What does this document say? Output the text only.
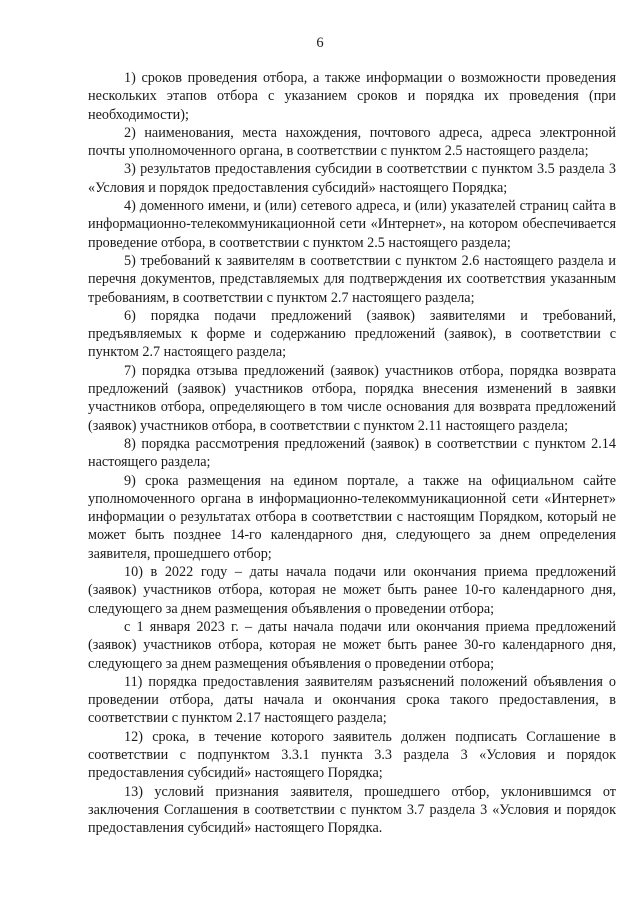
6

1) сроков проведения отбора, а также информации о возможности проведения нескольких этапов отбора с указанием сроков и порядка их проведения (при необходимости);

2) наименования, места нахождения, почтового адреса, адреса электронной почты уполномоченного органа, в соответствии с пунктом 2.5 настоящего раздела;

3) результатов предоставления субсидии в соответствии с пунктом 3.5 раздела 3 «Условия и порядок предоставления субсидий» настоящего Порядка;

4) доменного имени, и (или) сетевого адреса, и (или) указателей страниц сайта в информационно-телекоммуникационной сети «Интернет», на котором обеспечивается проведение отбора, в соответствии с пунктом 2.5 настоящего раздела;

5) требований к заявителям в соответствии с пунктом 2.6 настоящего раздела и перечня документов, представляемых для подтверждения их соответствия указанным требованиям, в соответствии с пунктом 2.7 настоящего раздела;

6) порядка подачи предложений (заявок) заявителями и требований, предъявляемых к форме и содержанию предложений (заявок), в соответствии с пунктом 2.7 настоящего раздела;

7) порядка отзыва предложений (заявок) участников отбора, порядка возврата предложений (заявок) участников отбора, порядка внесения изменений в заявки участников отбора, определяющего в том числе основания для возврата предложений (заявок) участников отбора, в соответствии с пунктом 2.11 настоящего раздела;

8) порядка рассмотрения предложений (заявок) в соответствии с пунктом 2.14 настоящего раздела;

9) срока размещения на едином портале, а также на официальном сайте уполномоченного органа в информационно-телекоммуникационной сети «Интернет» информации о результатах отбора в соответствии с настоящим Порядком, который не может быть позднее 14-го календарного дня, следующего за днем определения заявителя, прошедшего отбор;

10) в 2022 году – даты начала подачи или окончания приема предложений (заявок) участников отбора, которая не может быть ранее 10-го календарного дня, следующего за днем размещения объявления о проведении отбора;

с 1 января 2023 г. – даты начала подачи или окончания приема предложений (заявок) участников отбора, которая не может быть ранее 30-го календарного дня, следующего за днем размещения объявления о проведении отбора;

11) порядка предоставления заявителям разъяснений положений объявления о проведении отбора, даты начала и окончания срока такого предоставления, в соответствии с пунктом 2.17 настоящего раздела;

12) срока, в течение которого заявитель должен подписать Соглашение в соответствии с подпунктом 3.3.1 пункта 3.3 раздела 3 «Условия и порядок предоставления субсидий» настоящего Порядка;

13) условий признания заявителя, прошедшего отбор, уклонившимся от заключения Соглашения в соответствии с пунктом 3.7 раздела 3 «Условия и порядок предоставления субсидий» настоящего Порядка.
